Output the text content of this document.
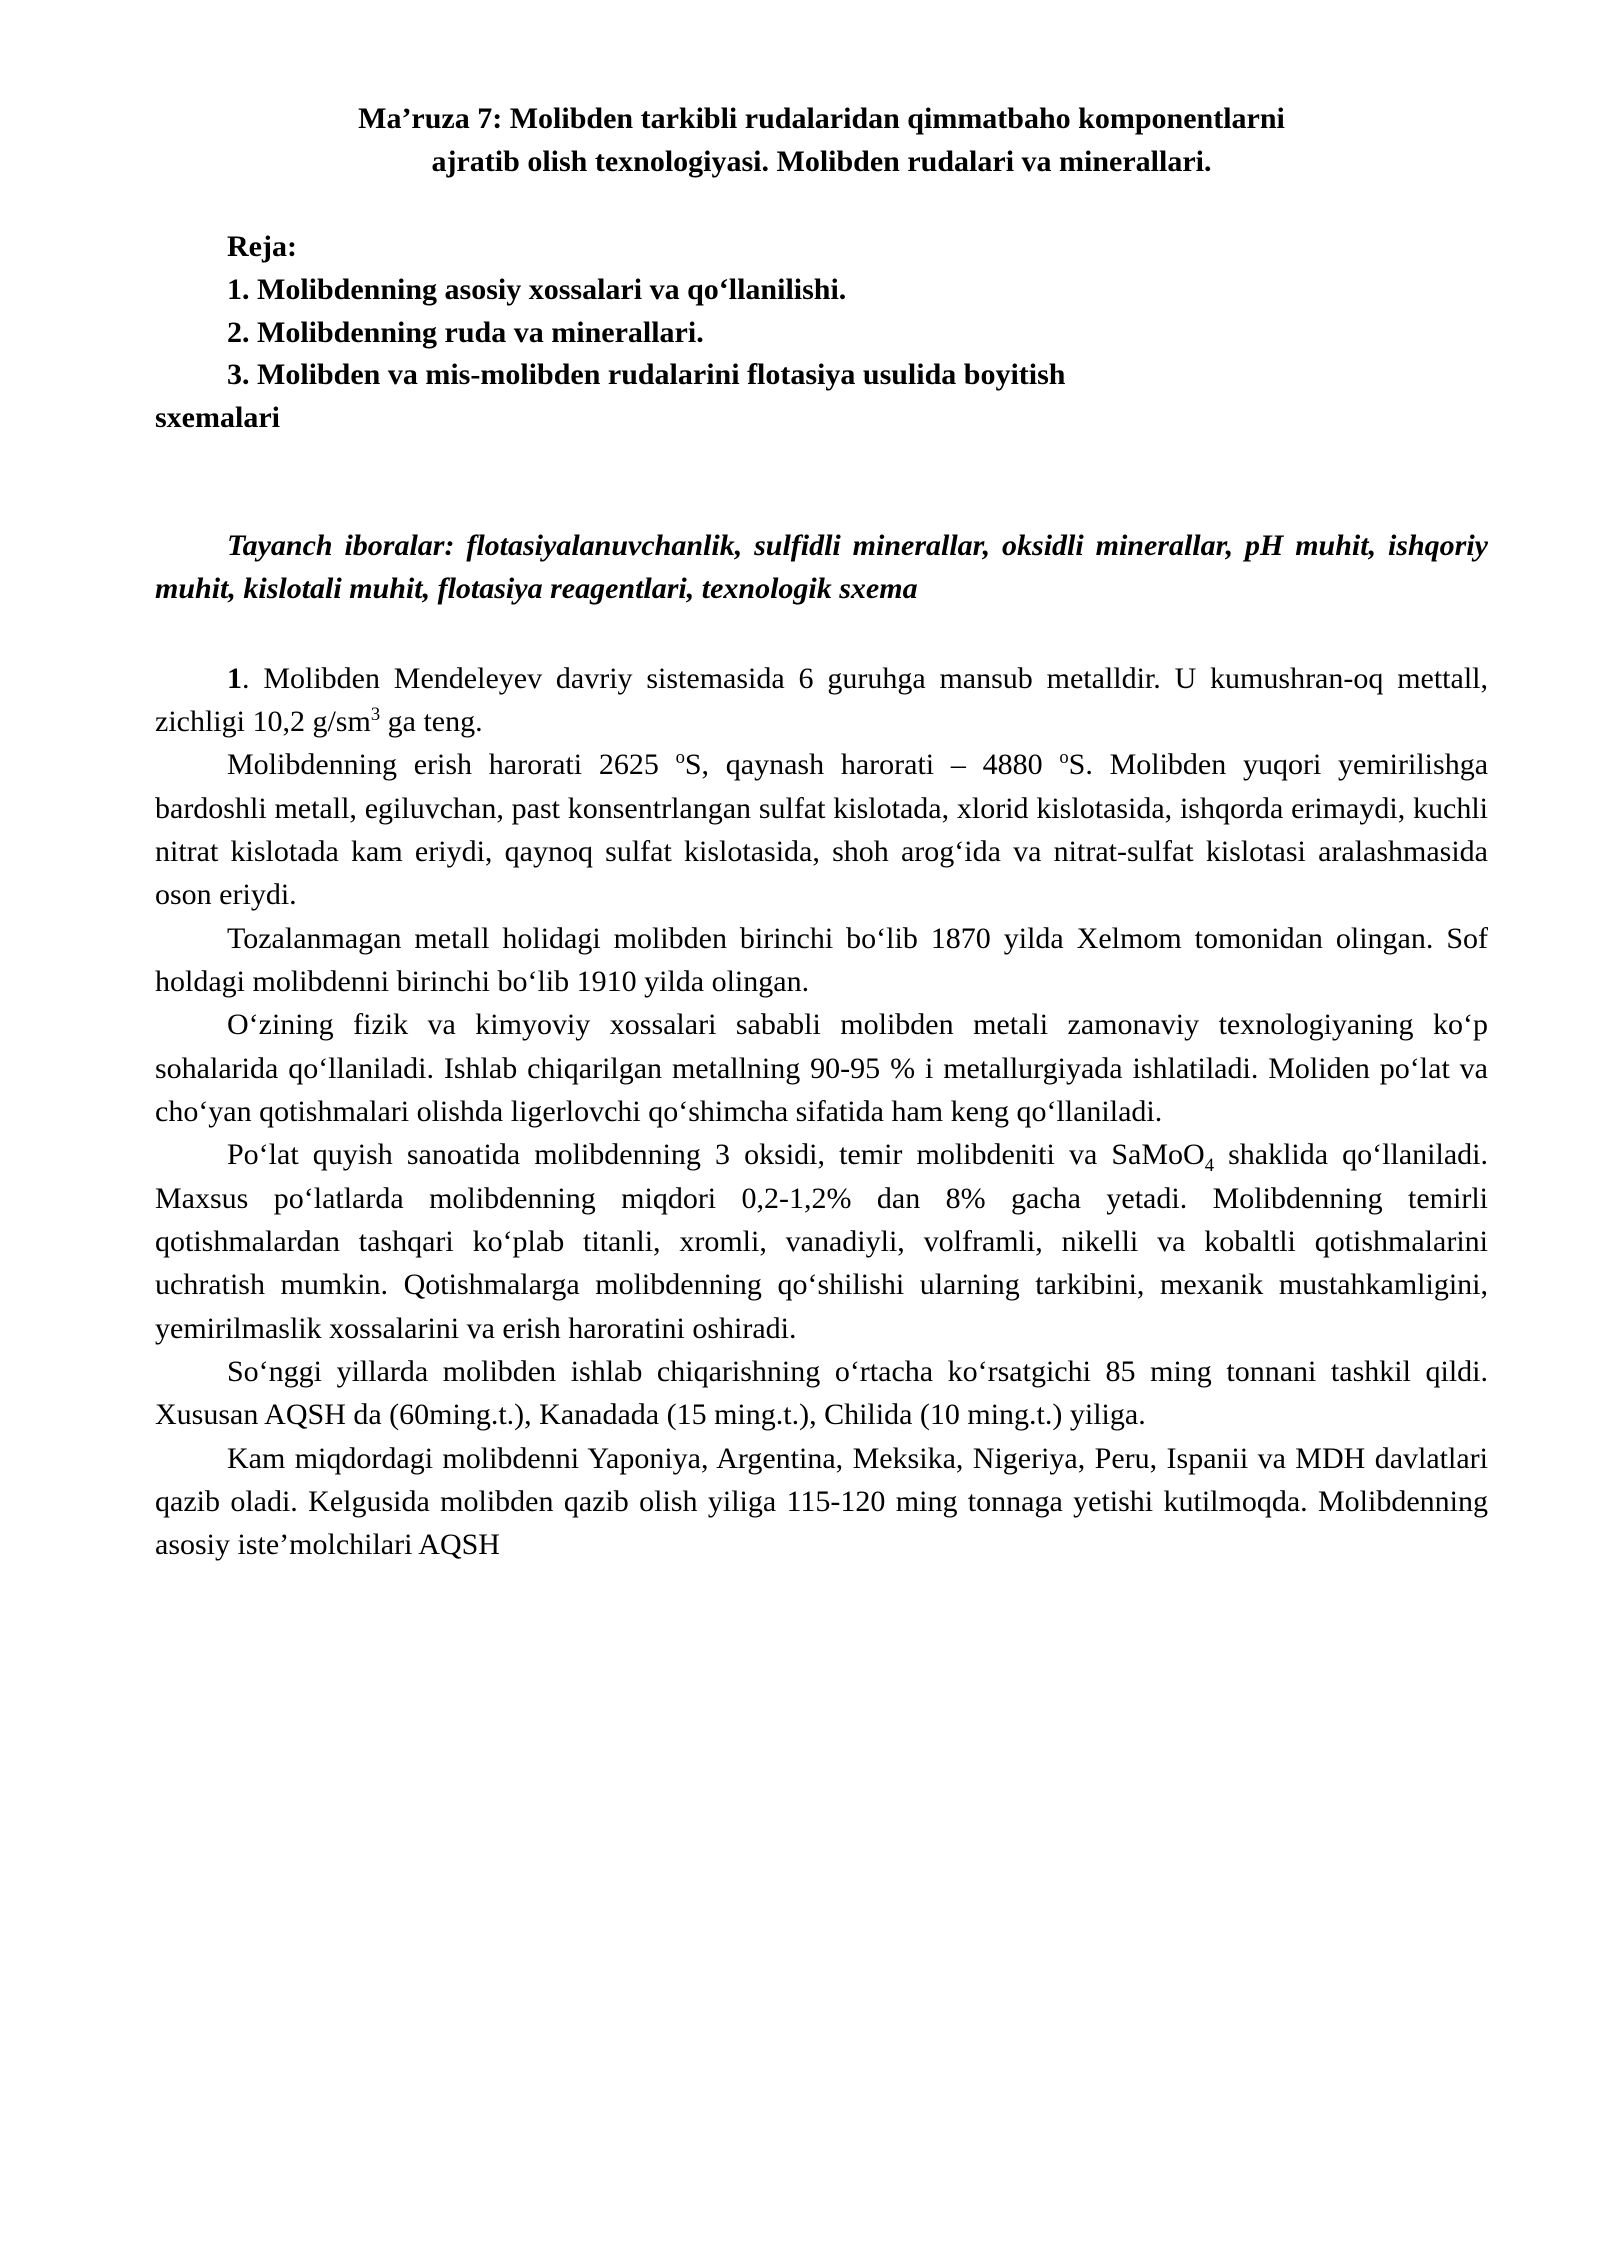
Ma’ruza 7: Molibden tarkibli rudalaridan qimmatbaho komponentlarni
ajratib olish texnologiyasi. Molibden rudalari va minerallari.
Reja:
1. Molibdenning asosiy xossalari va qo‘llanilishi.
2. Molibdenning ruda va minerallari.
3. Molibden va mis-molibden rudalarini flotasiya usulida boyitish
sxemalari
Tayanch iboralar: flotasiyalanuvchanlik, sulfidli minerallar, oksidli minerallar, pH muhit, ishqoriy muhit, kislotali muhit, flotasiya reagentlari, texnologik sxema

1. Molibden Mendeleyev davriy sistemasida 6 guruhga mansub metalldir. U kumushran-oq mettall, zichligi 10,2 $g/sm^3$ ga teng.

Molibdenning erish harorati 2625 $^o$S, qaynash harorati – 4880 $^o$S. Molibden yuqori yemirilishga bardoshli metall, egiluvchan, past konsentrlangan sulfat kislotada, xlorid kislotasida, ishqorda erimaydi, kuchli nitrat kislotada kam eriydi, qaynoq sulfat kislotasida, shoh arog‘ida va nitrat-sulfat kislotasi aralashmasida oson eriydi.

Tozalanmagan metall holidagi molibden birinchi bo‘lib 1870 yilda Xelmom tomonidan olingan. Sof holdagi molibdenni birinchi bo‘lib 1910 yilda olingan.

O‘zining fizik va kimyoviy xossalari sababli molibden metali zamonaviy texnologiyaning ko‘p sohalarida qo‘llaniladi. Ishlab chiqarilgan metallning 90-95 % i metallurgiyada ishlatiladi. Moliden po‘lat va cho‘yan qotishmalari olishda ligerlovchi qo‘shimcha sifatida ham keng qo‘llaniladi.

Po‘lat quyish sanoatida molibdenning 3 oksidi, temir molibdeniti va SaMoO$_4$ shaklida qo‘llaniladi. Maxsus po‘latlarda molibdenning miqdori 0,2-1,2% dan 8% gacha yetadi. Molibdenning temirli qotishmalardan tashqari ko‘plab titanli, xromli, vanadiyli, volframli, nikelli va kobaltli qotishmalarini uchratish mumkin. Qotishmalarga molibdenning qo‘shilishi ularning tarkibini, mexanik mustahkamligini, yemirilmaslik xossalarini va erish haroratini oshiradi.

So‘nggi yillarda molibden ishlab chiqarishning o‘rtacha ko‘rsatgichi 85 ming tonnani tashkil qildi. Xususan AQSH da (60ming.t.), Kanadada (15 ming.t.), Chilida (10 ming.t.) yiliga.

Kam miqdordagi molibdenni Yaponiya, Argentina, Meksika, Nigeriya, Peru, Ispanii va MDH davlatlari qazib oladi. Kelgusida molibden qazib olish yiliga 115-120 ming tonnaga yetishi kutilmoqda. Molibdenning asosiy iste’molchilari AQSH
